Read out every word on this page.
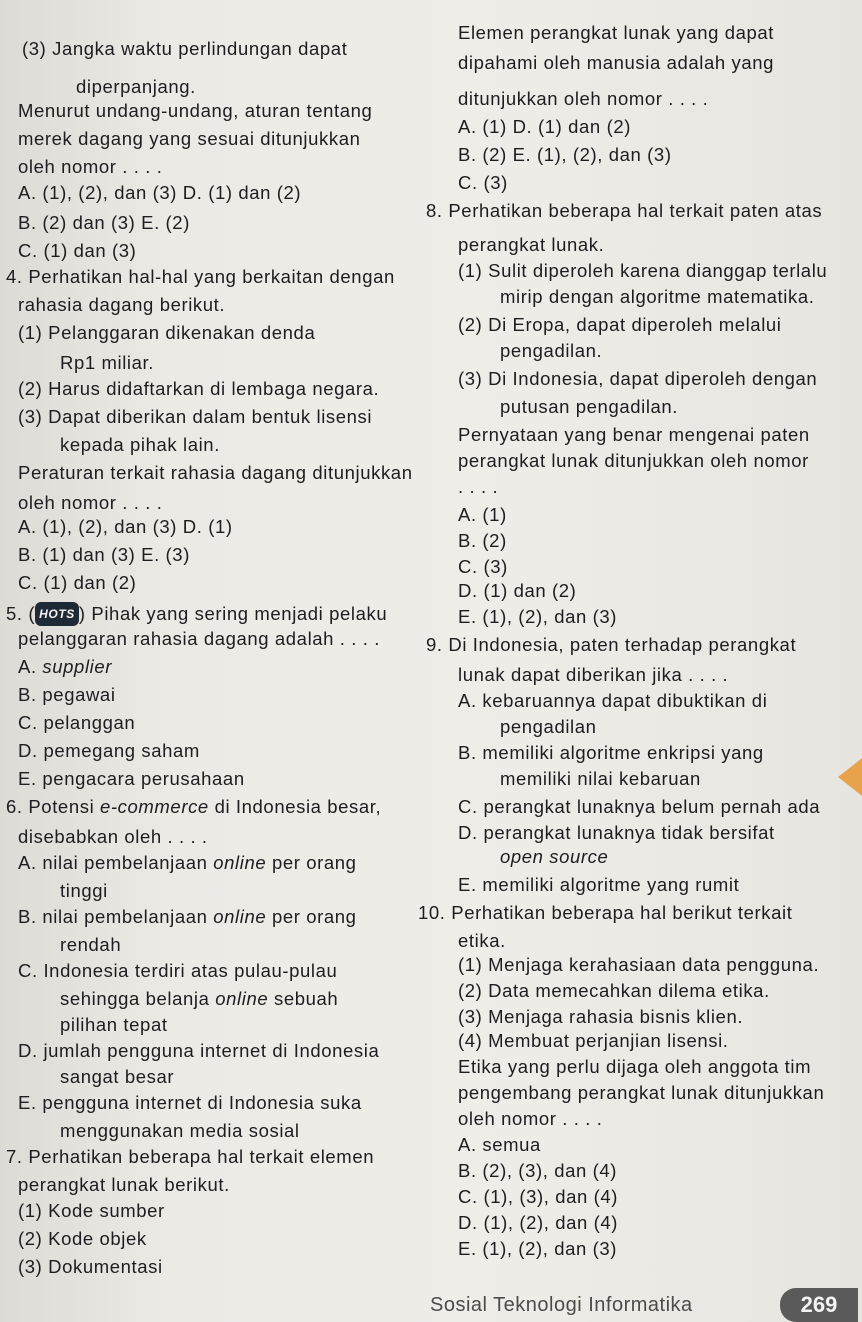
(3) Jangka waktu perlindungan dapat
diperpanjang.
Menurut undang-undang, aturan tentang
merek dagang yang sesuai ditunjukkan
oleh nomor . . . .
A. (1), (2), dan (3) D. (1) dan (2)
B. (2) dan (3) E. (2)
C. (1) dan (3)
4. Perhatikan hal-hal yang berkaitan dengan
rahasia dagang berikut.
(1) Pelanggaran dikenakan denda
Rp1 miliar.
(2) Harus didaftarkan di lembaga negara.
(3) Dapat diberikan dalam bentuk lisensi
kepada pihak lain.
Peraturan terkait rahasia dagang ditunjukkan
oleh nomor . . . .
A. (1), (2), dan (3) D. (1)
B. (1) dan (3) E. (3)
C. (1) dan (2)
5. ( HOTS ) Pihak yang sering menjadi pelaku
pelanggaran rahasia dagang adalah . . . .
A. supplier
B. pegawai
C. pelanggan
D. pemegang saham
E. pengacara perusahaan
6. Potensi e-commerce di Indonesia besar,
disebabkan oleh . . . .
A. nilai pembelanjaan online per orang
tinggi
B. nilai pembelanjaan online per orang
rendah
C. Indonesia terdiri atas pulau-pulau
sehingga belanja online sebuah
pilihan tepat
D. jumlah pengguna internet di Indonesia
sangat besar
E. pengguna internet di Indonesia suka
menggunakan media sosial
7. Perhatikan beberapa hal terkait elemen
perangkat lunak berikut.
(1) Kode sumber
(2) Kode objek
(3) Dokumentasi
Elemen perangkat lunak yang dapat
dipahami oleh manusia adalah yang
ditunjukkan oleh nomor . . . .
A. (1) D. (1) dan (2)
B. (2) E. (1), (2), dan (3)
C. (3)
8. Perhatikan beberapa hal terkait paten atas
perangkat lunak.
(1) Sulit diperoleh karena dianggap terlalu
mirip dengan algoritme matematika.
(2) Di Eropa, dapat diperoleh melalui
pengadilan.
(3) Di Indonesia, dapat diperoleh dengan
putusan pengadilan.
Pernyataan yang benar mengenai paten
perangkat lunak ditunjukkan oleh nomor
. . . .
A. (1)
B. (2)
C. (3)
D. (1) dan (2)
E. (1), (2), dan (3)
9. Di Indonesia, paten terhadap perangkat
lunak dapat diberikan jika . . . .
A. kebaruannya dapat dibuktikan di
pengadilan
B. memiliki algoritme enkripsi yang
memiliki nilai kebaruan
C. perangkat lunaknya belum pernah ada
D. perangkat lunaknya tidak bersifat
open source
E. memiliki algoritme yang rumit
10. Perhatikan beberapa hal berikut terkait
etika.
(1) Menjaga kerahasiaan data pengguna.
(2) Data memecahkan dilema etika.
(3) Menjaga rahasia bisnis klien.
(4) Membuat perjanjian lisensi.
Etika yang perlu dijaga oleh anggota tim
pengembang perangkat lunak ditunjukkan
oleh nomor . . . .
A. semua
B. (2), (3), dan (4)
C. (1), (3), dan (4)
D. (1), (2), dan (4)
E. (1), (2), dan (3)
Sosial Teknologi Informatika	269
